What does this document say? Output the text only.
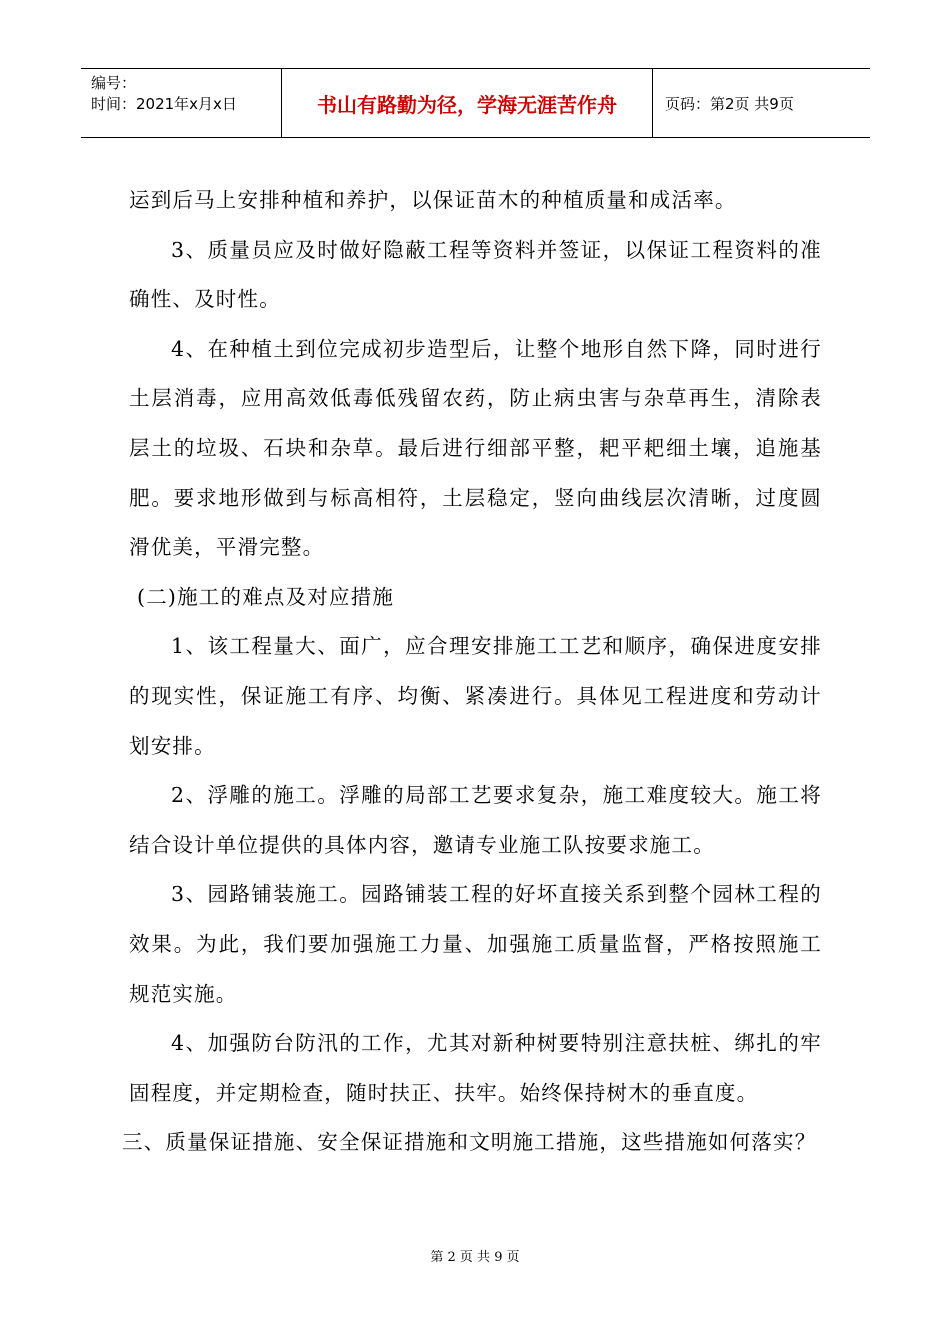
编号：
时间：2021年x月x日	书山有路勤为径，学海无涯苦作舟	页码：第2页 共9页

运到后马上安排种植和养护，以保证苗木的种植质量和成活率。

3、质量员应及时做好隐蔽工程等资料并签证，以保证工程资料的准确性、及时性。

4、在种植土到位完成初步造型后，让整个地形自然下降，同时进行土层消毒，应用高效低毒低残留农药，防止病虫害与杂草再生，清除表层土的垃圾、石块和杂草。最后进行细部平整，耙平耙细土壤，追施基肥。要求地形做到与标高相符，土层稳定，竖向曲线层次清晰，过度圆滑优美，平滑完整。

(二)施工的难点及对应措施

1、该工程量大、面广，应合理安排施工工艺和顺序，确保进度安排的现实性，保证施工有序、均衡、紧凑进行。具体见工程进度和劳动计划安排。

2、浮雕的施工。浮雕的局部工艺要求复杂，施工难度较大。施工将结合设计单位提供的具体内容，邀请专业施工队按要求施工。

3、园路铺装施工。园路铺装工程的好坏直接关系到整个园林工程的效果。为此，我们要加强施工力量、加强施工质量监督，严格按照施工规范实施。

4、加强防台防汛的工作，尤其对新种树要特别注意扶桩、绑扎的牢固程度，并定期检查，随时扶正、扶牢。始终保持树木的垂直度。

三、质量保证措施、安全保证措施和文明施工措施，这些措施如何落实？

第 2 页 共 9 页
